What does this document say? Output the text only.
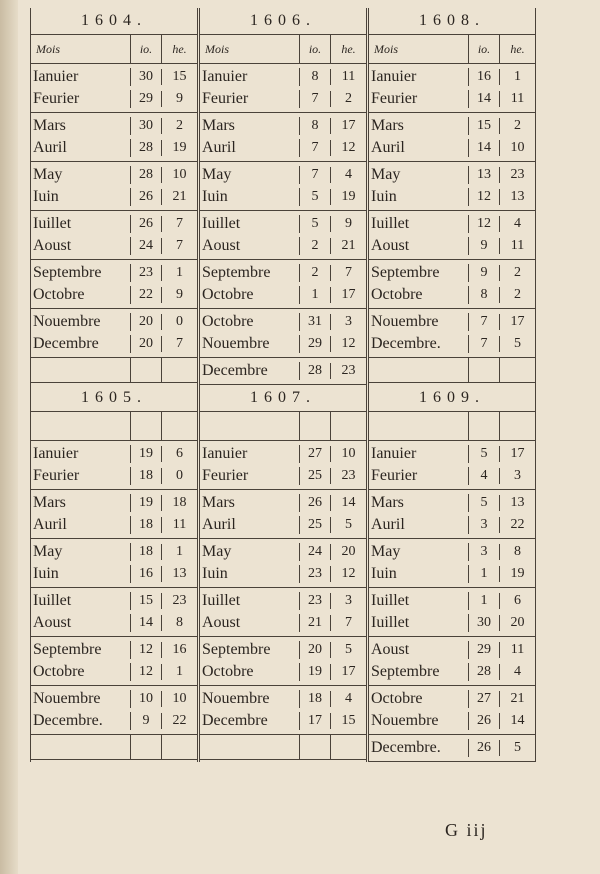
1604.
Mois	io.	he.
Ianuier	30	15
Feurier	29	9
Mars	30	2
Auril	28	19
May	28	10
Iuin	26	21
Iuillet	26	7
Aoust	24	7
Septembre	23	1
Octobre	22	9
Nouembre	20	0
Decembre	20	7
1606.
Mois	io.	he.
Ianuier	8	11
Feurier	7	2
Mars	8	17
Auril	7	12
May	7	4
Iuin	5	19
Iuillet	5	9
Aoust	2	21
Septembre	2	7
Octobre	1	17
Octobre	31	3
Nouembre	29	12
Decembre	28	23
1608.
Mois	io.	he.
Ianuier	16	1
Feurier	14	11
Mars	15	2
Auril	14	10
May	13	23
Iuin	12	13
Iuillet	12	4
Aoust	9	11
Septembre	9	2
Octobre	8	2
Nouembre	7	17
Decembre.	7	5
1605.
Ianuier	19	6
Feurier	18	0
Mars	19	18
Auril	18	11
May	18	1
Iuin	16	13
Iuillet	15	23
Aoust	14	8
Septembre	12	16
Octobre	12	1
Nouembre	10	10
Decembre.	9	22
1607.
Ianuier	27	10
Feurier	25	23
Mars	26	14
Auril	25	5
May	24	20
Iuin	23	12
Iuillet	23	3
Aoust	21	7
Septembre	20	5
Octobre	19	17
Nouembre	18	4
Decembre	17	15
1609.
Ianuier	5	17
Feurier	4	3
Mars	5	13
Auril	3	22
May	3	8
Iuin	1	19
Iuillet	1	6
Iuillet	30	20
Aoust	29	11
Septembre	28	4
Octobre	27	21
Nouembre	26	14
Decembre.	26	5
G iij
